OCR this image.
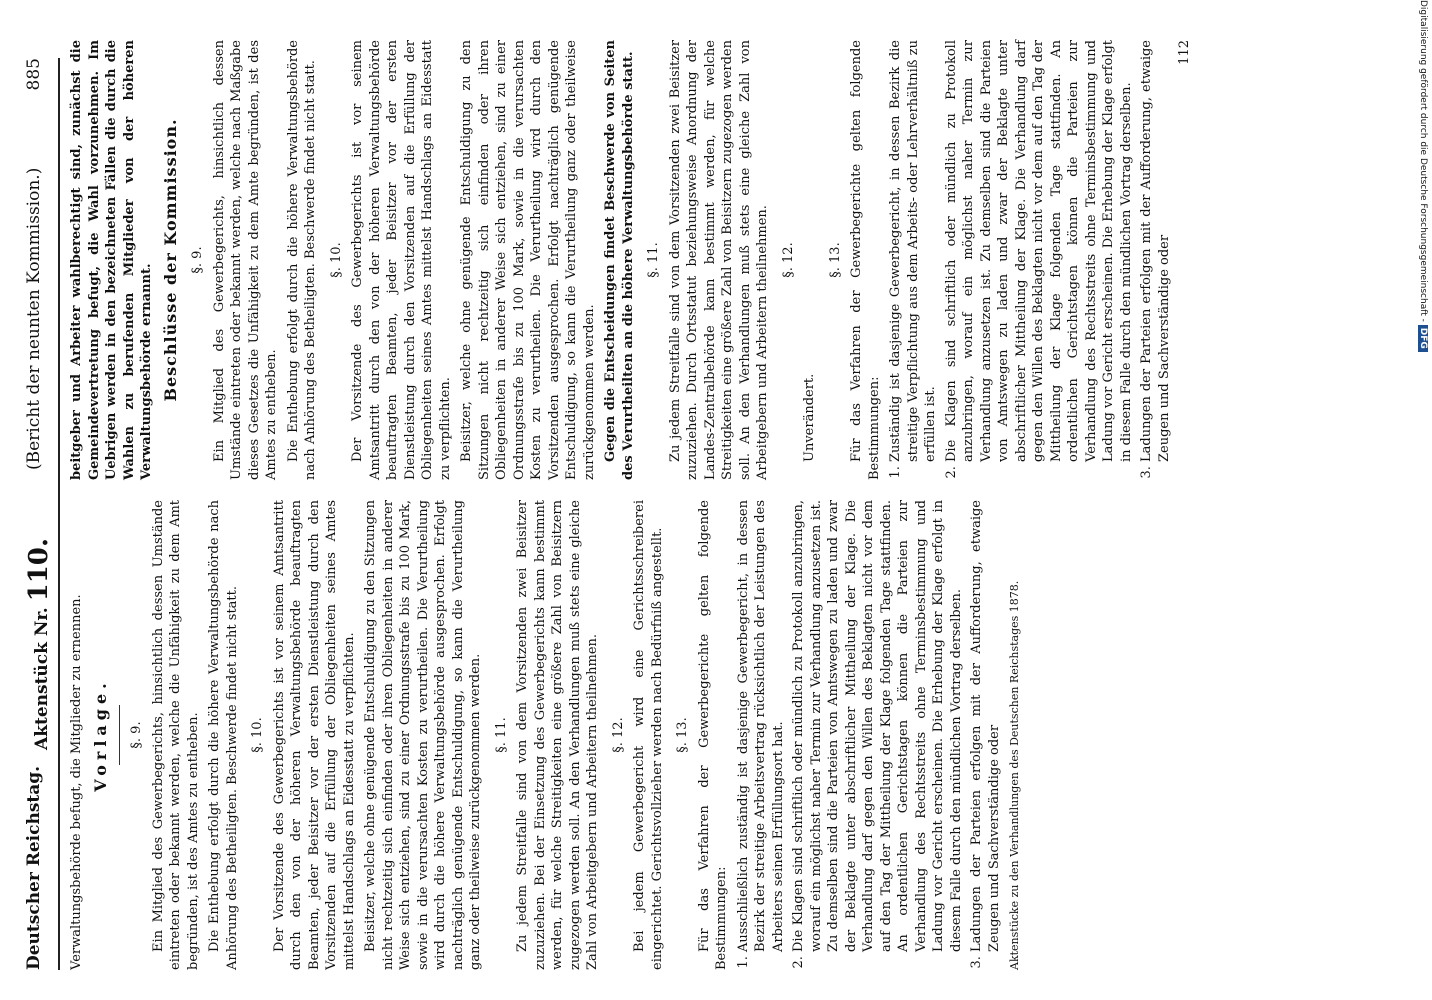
Deutscher Reichstag.
Aktenstück Nr. 110.
(Bericht der neunten Kommission.)
885

Verwaltungsbehörde befugt, die Mitglieder zu ernennen. Vorlage. §. 9. Ein Mitglied des Gewerbegerichts, hinsichtlich dessen Umstände eintreten oder bekannt werden, welche die Unfähigkeit zu dem Amt begründen, ist des Amtes zu entheben. Die Enthebung erfolgt durch die höhere Verwaltungsbehörde nach Anhörung des Betheiligten. Beschwerde findet nicht statt. §. 10. Der Vorsitzende des Gewerbegerichts ist vor seinem Amtsantritt durch den von der höheren Verwaltungsbehörde beauftragten Beamten, jeder Beisitzer vor der ersten Dienstleistung durch den Vorsitzenden auf die Erfüllung der Obliegenheiten seines Amtes mittelst Handschlags an Eidesstatt zu verpflichten. Beisitzer, welche ohne genügende Entschuldigung zu den Sitzungen nicht rechtzeitig sich einfinden oder ihren Obliegenheiten in anderer Weise sich entziehen, sind zu einer Ordnungsstrafe bis zu 100 Mark, sowie in die verursachten Kosten zu verurtheilen. Die Verurtheilung wird durch die höhere Verwaltungsbehörde ausgesprochen. Erfolgt nachträglich genügende Entschuldigung, so kann die Verurtheilung ganz oder theilweise zurückgenommen werden. §. 11. Zu jedem Streitfalle sind von dem Vorsitzenden zwei Beisitzer zuzuziehen. Bei der Einsetzung des Gewerbegerichts kann bestimmt werden, für welche Streitigkeiten eine größere Zahl von Beisitzern zugezogen werden soll. An den Verhandlungen muß stets eine gleiche Zahl von Arbeitgebern und Arbeitern theilnehmen. §. 12. Bei jedem Gewerbegericht wird eine Gerichtsschreiberei eingerichtet. Gerichtsvollzieher werden nach Bedürfniß angestellt. §. 13. Für das Verfahren der Gewerbegerichte gelten folgende Bestimmungen: 1. Ausschließlich zuständig ist dasjenige Gewerbegericht, in dessen Bezirk der streitige Arbeitsvertrag rücksichtlich der Leistungen des Arbeiters seinen Erfüllungsort hat. 2. Die Klagen sind schriftlich oder mündlich zu Protokoll anzubringen, worauf ein möglichst naher Termin zur Verhandlung anzusetzen ist. Zu demselben sind die Parteien von Amtswegen zu laden und zwar der Beklagte unter abschriftlicher Mittheilung der Klage. Die Verhandlung darf gegen den Willen des Beklagten nicht vor dem auf den Tag der Mittheilung der Klage folgenden Tage stattfinden. An ordentlichen Gerichtstagen können die Parteien zur Verhandlung des Rechtsstreits ohne Terminsbestimmung und Ladung vor Gericht erscheinen. Die Erhebung der Klage erfolgt in diesem Falle durch den mündlichen Vortrag derselben. 3. Ladungen der Parteien erfolgen mit der Aufforderung, etwaige Zeugen und Sachverständige oder Aktenstücke zu den Verhandlungen des Deutschen Reichstages 1878.

beitgeber und Arbeiter wahlberechtigt sind, zunächst die Gemeindevertretung befugt, die Wahl vorzunehmen. Im Uebrigen werden in den bezeichneten Fällen die durch die Wahlen zu berufenden Mitglieder von der höheren Verwaltungsbehörde ernannt. Beschlüsse der Kommission. §. 9. Ein Mitglied des Gewerbegerichts, hinsichtlich dessen Umstände eintreten oder bekannt werden, welche nach Maßgabe dieses Gesetzes die Unfähigkeit zu dem Amte begründen, ist des Amtes zu entheben. Die Enthebung erfolgt durch die höhere Verwaltungsbehörde nach Anhörung des Betheiligten. Beschwerde findet nicht statt. §. 10. Der Vorsitzende des Gewerbegerichts ist vor seinem Amtsantritt durch den von der höheren Verwaltungsbehörde beauftragten Beamten, jeder Beisitzer vor der ersten Dienstleistung durch den Vorsitzenden auf die Erfüllung der Obliegenheiten seines Amtes mittelst Handschlags an Eidesstatt zu verpflichten. Beisitzer, welche ohne genügende Entschuldigung zu den Sitzungen nicht rechtzeitig sich einfinden oder ihren Obliegenheiten in anderer Weise sich entziehen, sind zu einer Ordnungsstrafe bis zu 100 Mark, sowie in die verursachten Kosten zu verurtheilen. Die Verurtheilung wird durch den Vorsitzenden ausgesprochen. Erfolgt nachträglich genügende Entschuldigung, so kann die Verurtheilung ganz oder theilweise zurückgenommen werden. Gegen die Entscheidungen findet Beschwerde von Seiten des Verurtheilten an die höhere Verwaltungsbehörde statt. §. 11. Zu jedem Streitfalle sind von dem Vorsitzenden zwei Beisitzer zuzuziehen. Durch Ortsstatut beziehungsweise Anordnung der Landes-Zentralbehörde kann bestimmt werden, für welche Streitigkeiten eine größere Zahl von Beisitzern zugezogen werden soll. An den Verhandlungen muß stets eine gleiche Zahl von Arbeitgebern und Arbeitern theilnehmen. §. 12.

Unverändert.

§. 13. Für das Verfahren der Gewerbegerichte gelten folgende Bestimmungen: 1. Zuständig ist dasjenige Gewerbegericht, in dessen Bezirk die streitige Verpflichtung aus dem Arbeits- oder Lehrverhältniß zu erfüllen ist. 2. Die Klagen sind schriftlich oder mündlich zu Protokoll anzubringen, worauf ein möglichst naher Termin zur Verhandlung anzusetzen ist. Zu demselben sind die Parteien von Amtswegen zu laden und zwar der Beklagte unter abschriftlicher Mittheilung der Klage. Die Verhandlung darf gegen den Willen des Beklagten nicht vor dem auf den Tag der Mittheilung der Klage folgenden Tage stattfinden. An ordentlichen Gerichtstagen können die Parteien zur Verhandlung des Rechtsstreits ohne Terminsbestimmung und Ladung vor Gericht erscheinen. Die Erhebung der Klage erfolgt in diesem Falle durch den mündlichen Vortrag derselben. 3. Ladungen der Parteien erfolgen mit der Aufforderung, etwaige Zeugen und Sachverständige oder

112	Digitalisierung gefördert durch die Deutsche Forschungsgemeinschaft - DFG
